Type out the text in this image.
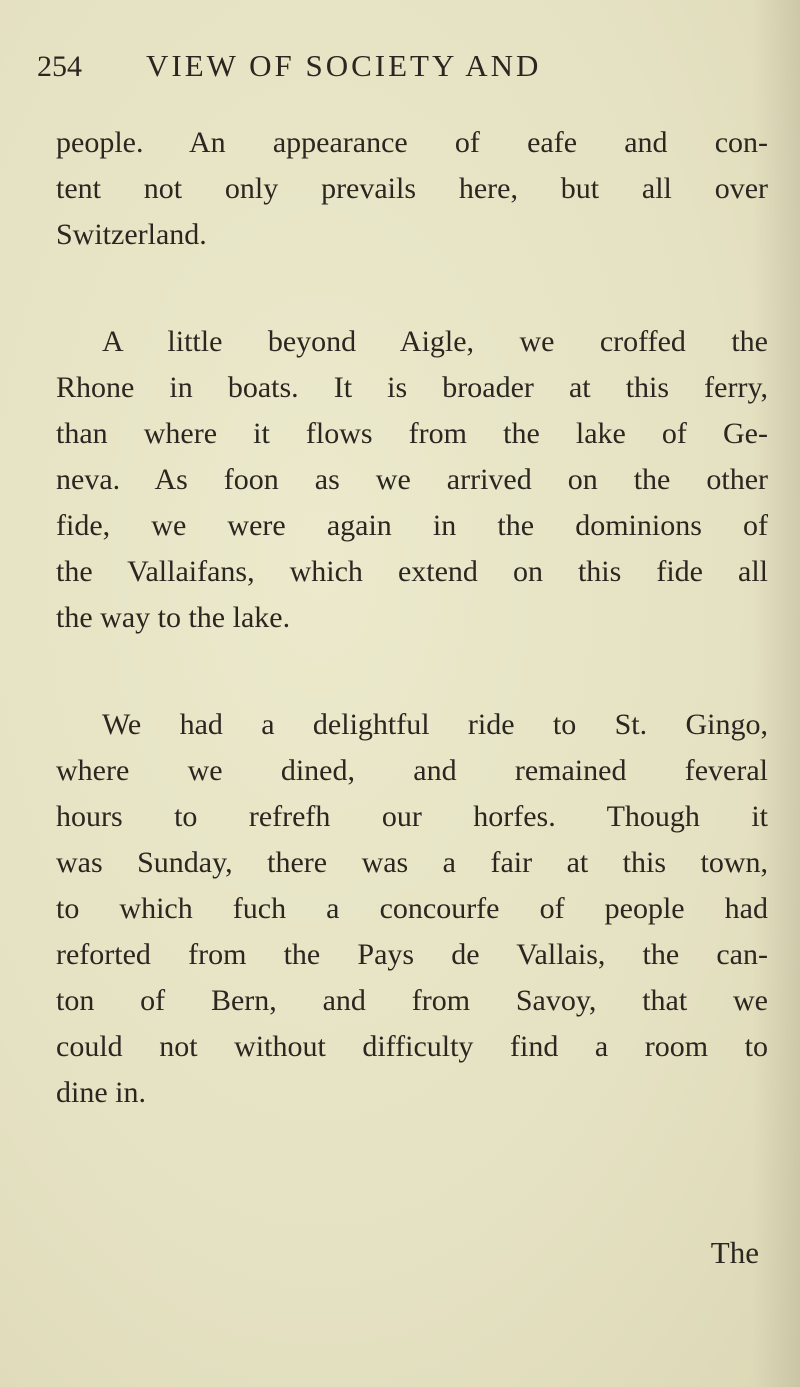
254 VIEW OF SOCIETY AND
people. An appearance of eafe and con-
tent not only prevails here, but all over
Switzerland.
A little beyond Aigle, we croffed the
Rhone in boats. It is broader at this ferry,
than where it flows from the lake of Ge-
neva. As foon as we arrived on the other
fide, we were again in the dominions of
the Vallaifans, which extend on this fide all
the way to the lake.
We had a delightful ride to St. Gingo,
where we dined, and remained feveral
hours to refrefh our horfes. Though it
was Sunday, there was a fair at this town,
to which fuch a concourfe of people had
reforted from the Pays de Vallais, the can-
ton of Bern, and from Savoy, that we
could not without difficulty find a room to
dine in.
The
